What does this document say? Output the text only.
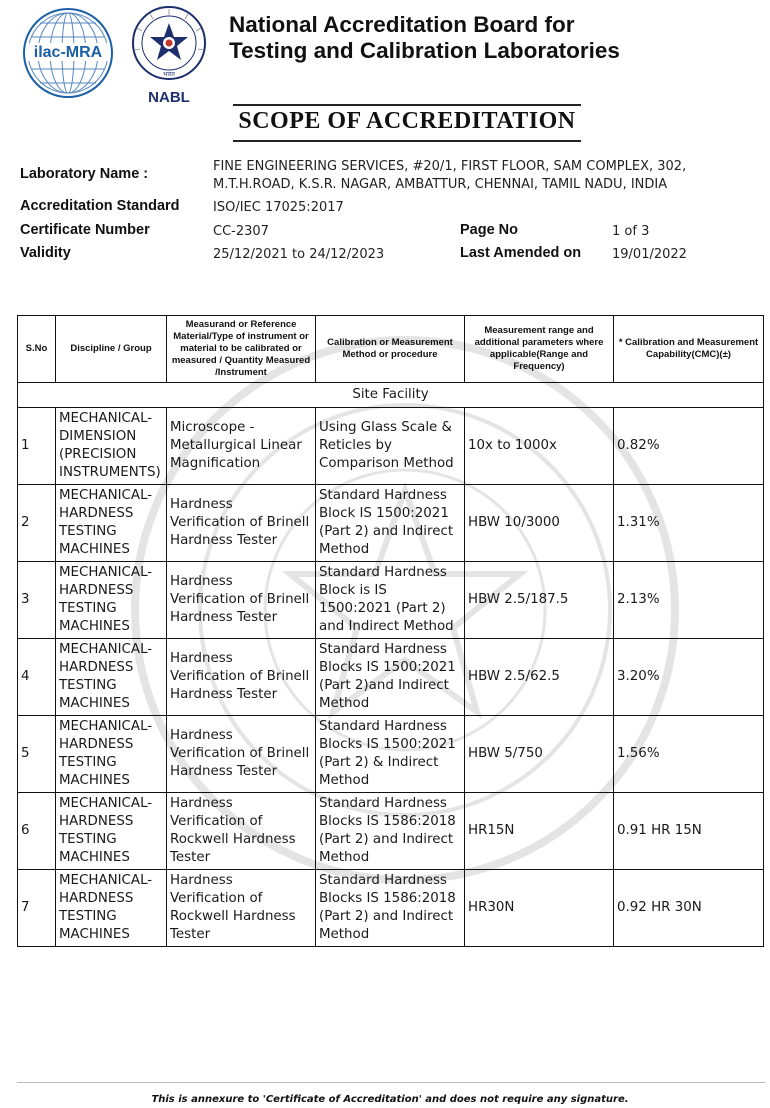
ilac-MRA
भारत
NABL
National Accreditation Board for
Testing and Calibration Laboratories
SCOPE OF ACCREDITATION
Laboratory Name :	FINE ENGINEERING SERVICES, #20/1, FIRST FLOOR, SAM COMPLEX, 302,
M.T.H.ROAD, K.S.R. NAGAR, AMBATTUR, CHENNAI, TAMIL NADU, INDIA
Accreditation Standard	ISO/IEC 17025:2017
Certificate Number	CC-2307	Page No	1 of 3
Validity	25/12/2021 to 24/12/2023	Last Amended on 19/01/2022
S.No	Discipline / Group	Measurand or Reference Material/Type of instrument or material to be calibrated or measured / Quantity Measured /Instrument	Calibration or Measurement Method or procedure	Measurement range and additional parameters where applicable(Range and Frequency)	* Calibration and Measurement Capability(CMC)(±)
Site Facility					
1	MECHANICAL- DIMENSION (PRECISION INSTRUMENTS)	Microscope - Metallurgical Linear Magnification	Using Glass Scale & Reticles by Comparison Method	10x to 1000x	0.82%
2	MECHANICAL- HARDNESS TESTING MACHINES	Hardness Verification of Brinell Hardness Tester	Standard Hardness Block IS 1500:2021 (Part 2) and Indirect Method	HBW 10/3000	1.31%
3	MECHANICAL- HARDNESS TESTING MACHINES	Hardness Verification of Brinell Hardness Tester	Standard Hardness Block is IS 1500:2021 (Part 2) and Indirect Method	HBW 2.5/187.5	2.13%
4	MECHANICAL- HARDNESS TESTING MACHINES	Hardness Verification of Brinell Hardness Tester	Standard Hardness Blocks IS 1500:2021 (Part 2)and Indirect Method	HBW 2.5/62.5	3.20%
5	MECHANICAL- HARDNESS TESTING MACHINES	Hardness Verification of Brinell Hardness Tester	Standard Hardness Blocks IS 1500:2021 (Part 2) & Indirect Method	HBW 5/750	1.56%
6	MECHANICAL- HARDNESS TESTING MACHINES	Hardness Verification of Rockwell Hardness Tester	Standard Hardness Blocks IS 1586:2018 (Part 2) and Indirect Method	HR15N	0.91 HR 15N
7	MECHANICAL- HARDNESS TESTING MACHINES	Hardness Verification of Rockwell Hardness Tester	Standard Hardness Blocks IS 1586:2018 (Part 2) and Indirect Method	HR30N	0.92 HR 30N
This is annexure to 'Certificate of Accreditation' and does not require any signature.
